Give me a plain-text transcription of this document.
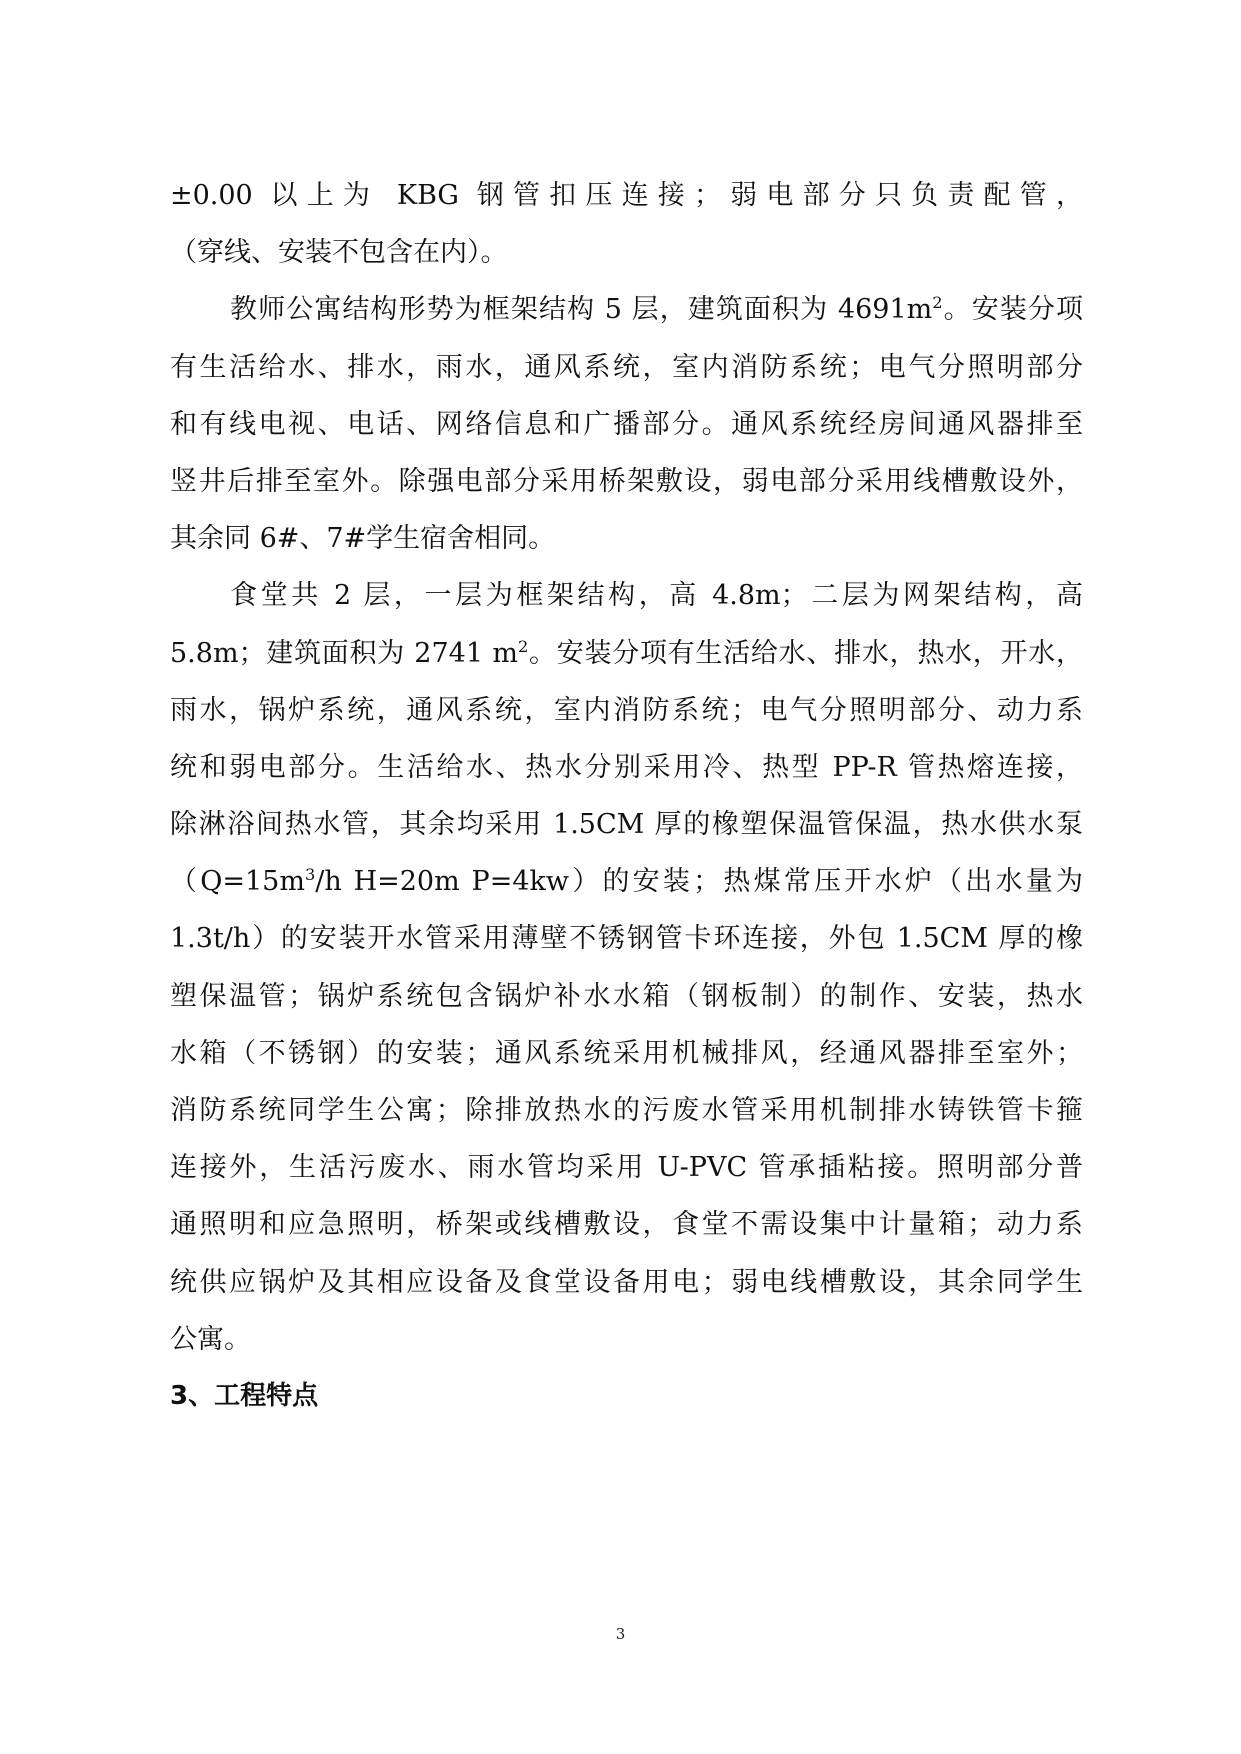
±0.00 以上为 KBG 钢管扣压连接；弱电部分只负责配管，
（穿线、安装不包含在内）。
教师公寓结构形势为框架结构 5 层，建筑面积为 $4691m^2$。安装分项
有生活给水、排水，雨水，通风系统，室内消防系统；电气分照明部分
和有线电视、电话、网络信息和广播部分。通风系统经房间通风器排至
竖井后排至室外。除强电部分采用桥架敷设，弱电部分采用线槽敷设外，
其余同 6#、7#学生宿舍相同。
食堂共 2 层，一层为框架结构，高 4.8m；二层为网架结构，高
5.8m；建筑面积为 2741 $m^2$。安装分项有生活给水、排水，热水，开水，
雨水，锅炉系统，通风系统，室内消防系统；电气分照明部分、动力系
统和弱电部分。生活给水、热水分别采用冷、热型 PP-R 管热熔连接，
除淋浴间热水管，其余均采用 1.5CM 厚的橡塑保温管保温，热水供水泵
（$Q=15m^3/h$ H=20m P=4kw）的安装；热煤常压开水炉（出水量为
1.3t/h）的安装开水管采用薄壁不锈钢管卡环连接，外包 1.5CM 厚的橡
塑保温管；锅炉系统包含锅炉补水水箱（钢板制）的制作、安装，热水
水箱（不锈钢）的安装；通风系统采用机械排风，经通风器排至室外；
消防系统同学生公寓；除排放热水的污废水管采用机制排水铸铁管卡箍
连接外，生活污废水、雨水管均采用 U-PVC 管承插粘接。照明部分普
通照明和应急照明，桥架或线槽敷设，食堂不需设集中计量箱；动力系
统供应锅炉及其相应设备及食堂设备用电；弱电线槽敷设，其余同学生
公寓。
3、工程特点
3
